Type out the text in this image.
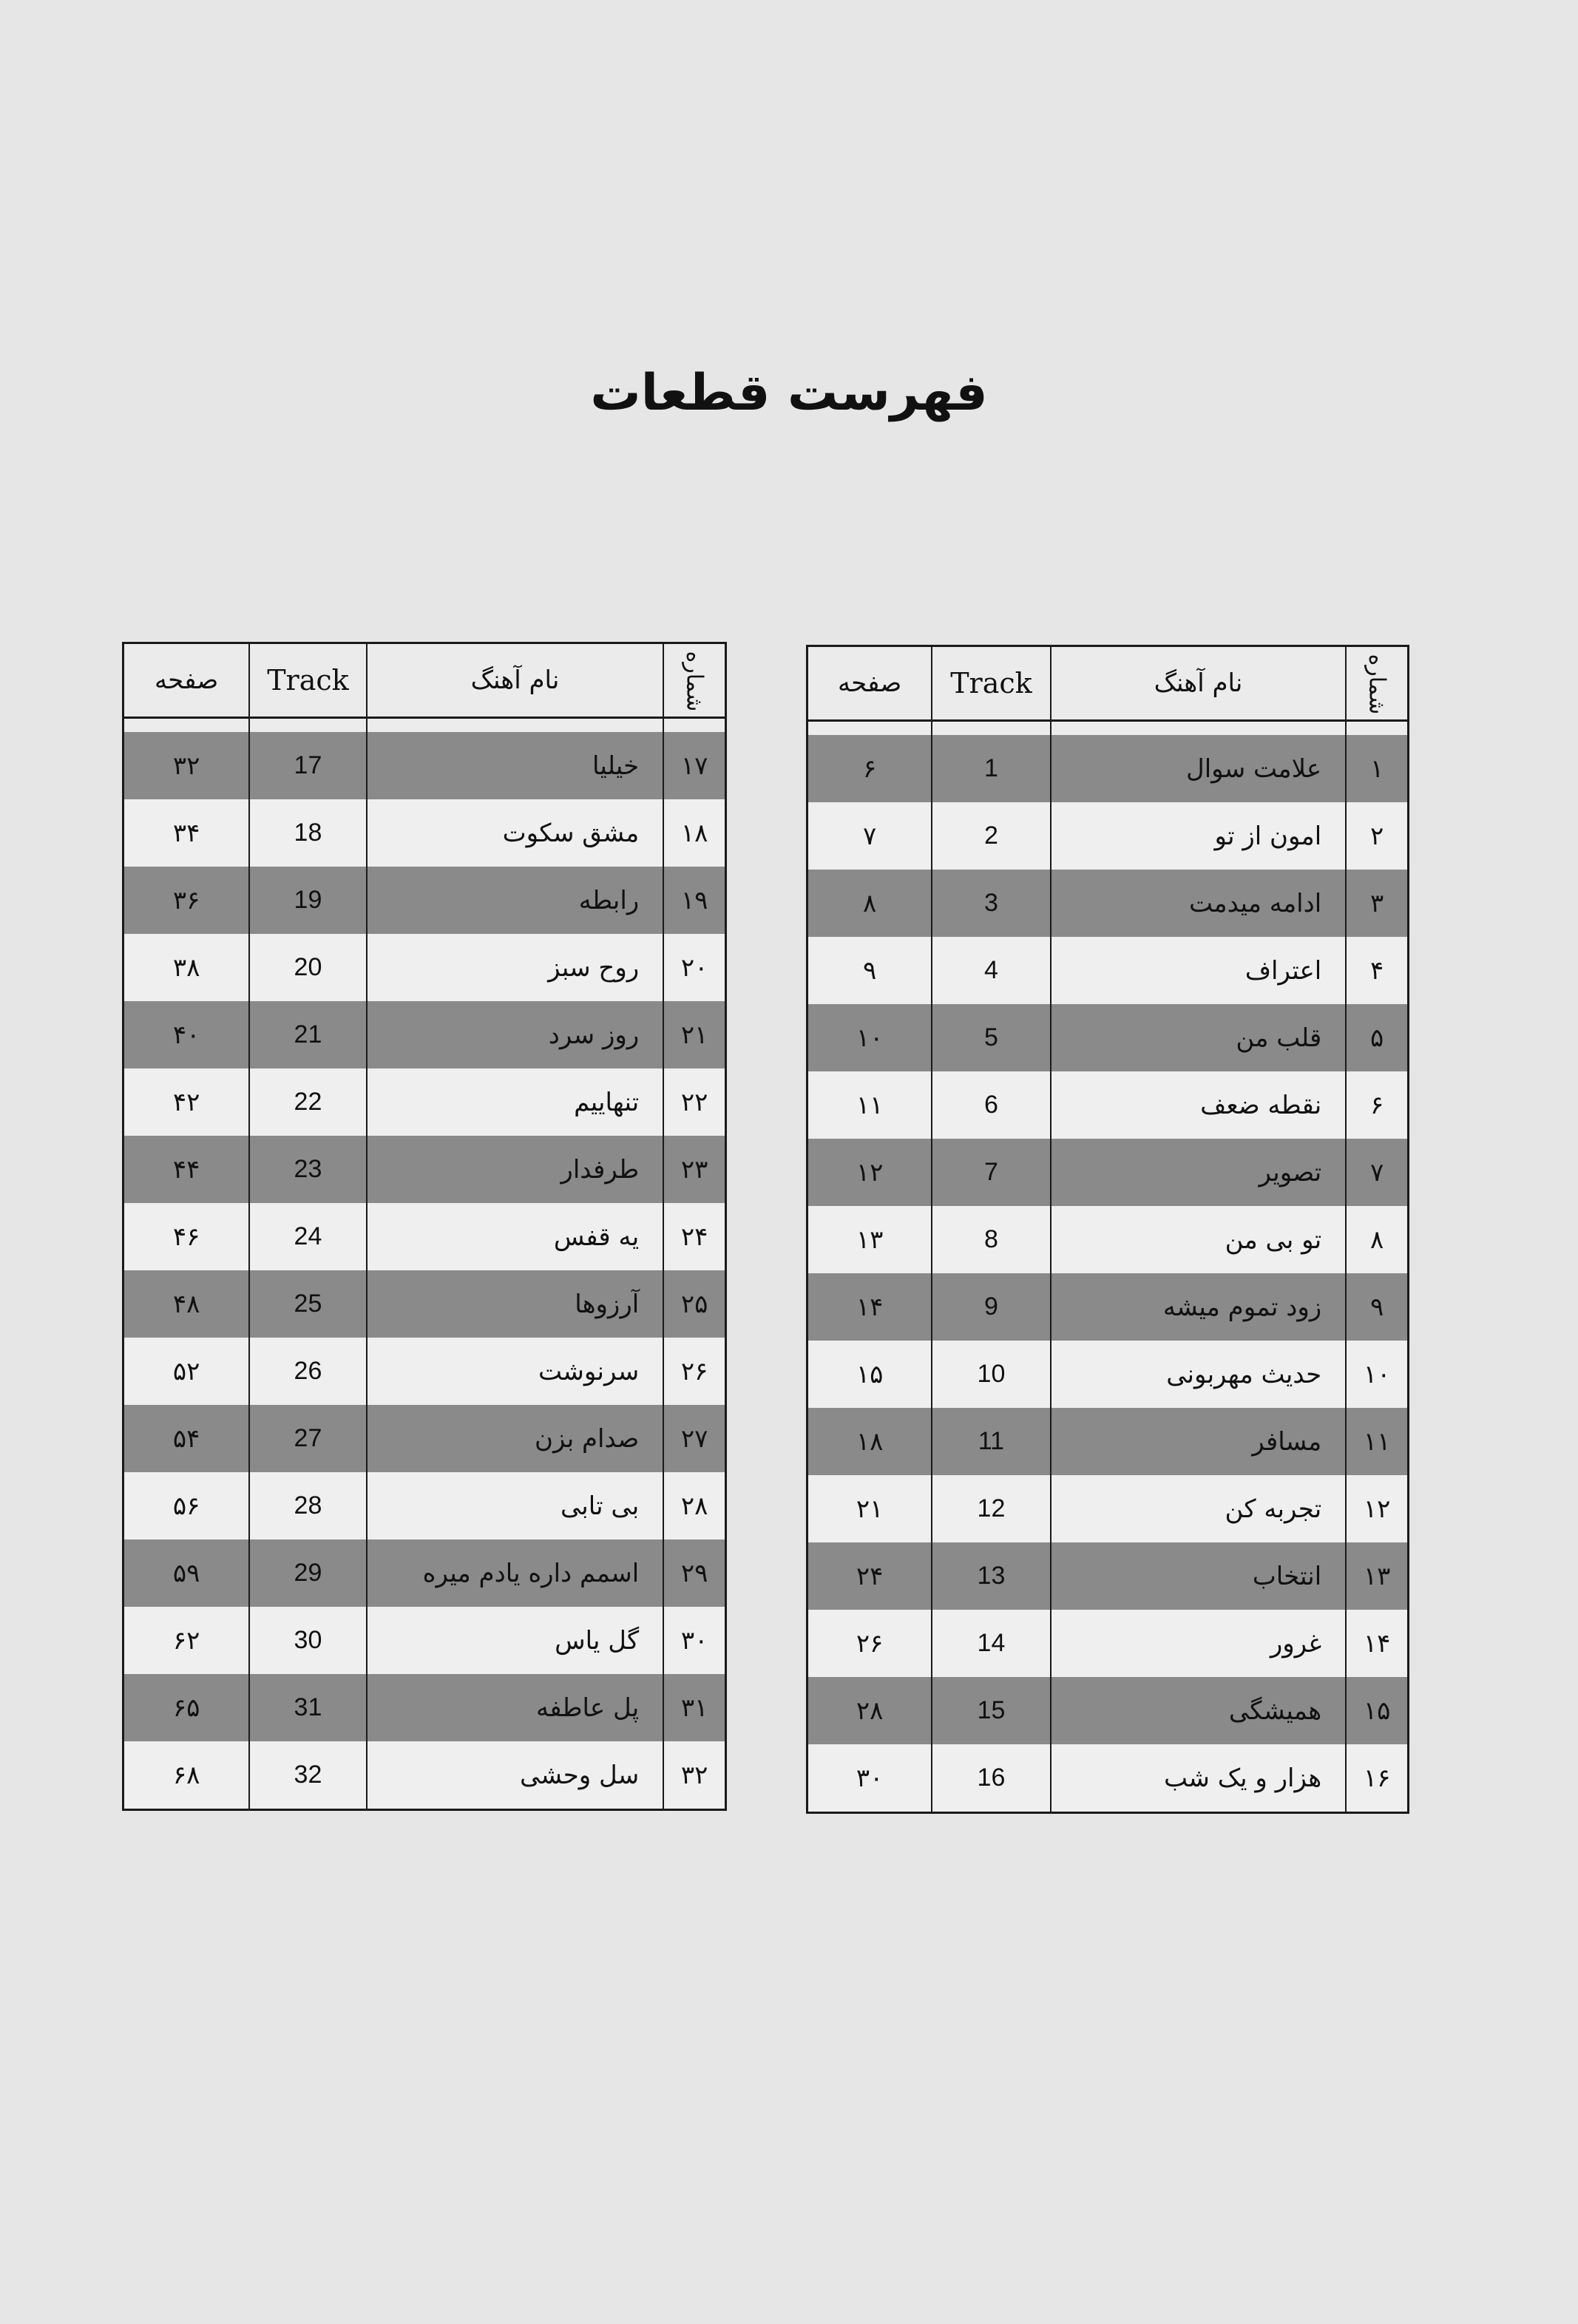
فهرست قطعات
شماره	نام آهنگ	Track	صفحه

۱	علامت سوال	1	۶
۲	امون از تو	2	۷
۳	ادامه میدمت	3	۸
۴	اعتراف	4	۹
۵	قلب من	5	۱۰
۶	نقطه ضعف	6	۱۱
۷	تصویر	7	۱۲
۸	تو بی من	8	۱۳
۹	زود تموم میشه	9	۱۴
۱۰	حدیث مهربونی	10	۱۵
۱۱	مسافر	11	۱۸
۱۲	تجربه کن	12	۲۱
۱۳	انتخاب	13	۲۴
۱۴	غرور	14	۲۶
۱۵	همیشگی	15	۲۸
۱۶	هزار و یک شب	16	۳۰
شماره	نام آهنگ	Track	صفحه

۱۷	خیلیا	17	۳۲
۱۸	مشق سکوت	18	۳۴
۱۹	رابطه	19	۳۶
۲۰	روح سبز	20	۳۸
۲۱	روز سرد	21	۴۰
۲۲	تنهاییم	22	۴۲
۲۳	طرفدار	23	۴۴
۲۴	یه قفس	24	۴۶
۲۵	آرزوها	25	۴۸
۲۶	سرنوشت	26	۵۲
۲۷	صدام بزن	27	۵۴
۲۸	بی تابی	28	۵۶
۲۹	اسمم داره یادم میره	29	۵۹
۳۰	گل یاس	30	۶۲
۳۱	پل عاطفه	31	۶۵
۳۲	سل وحشی	32	۶۸
